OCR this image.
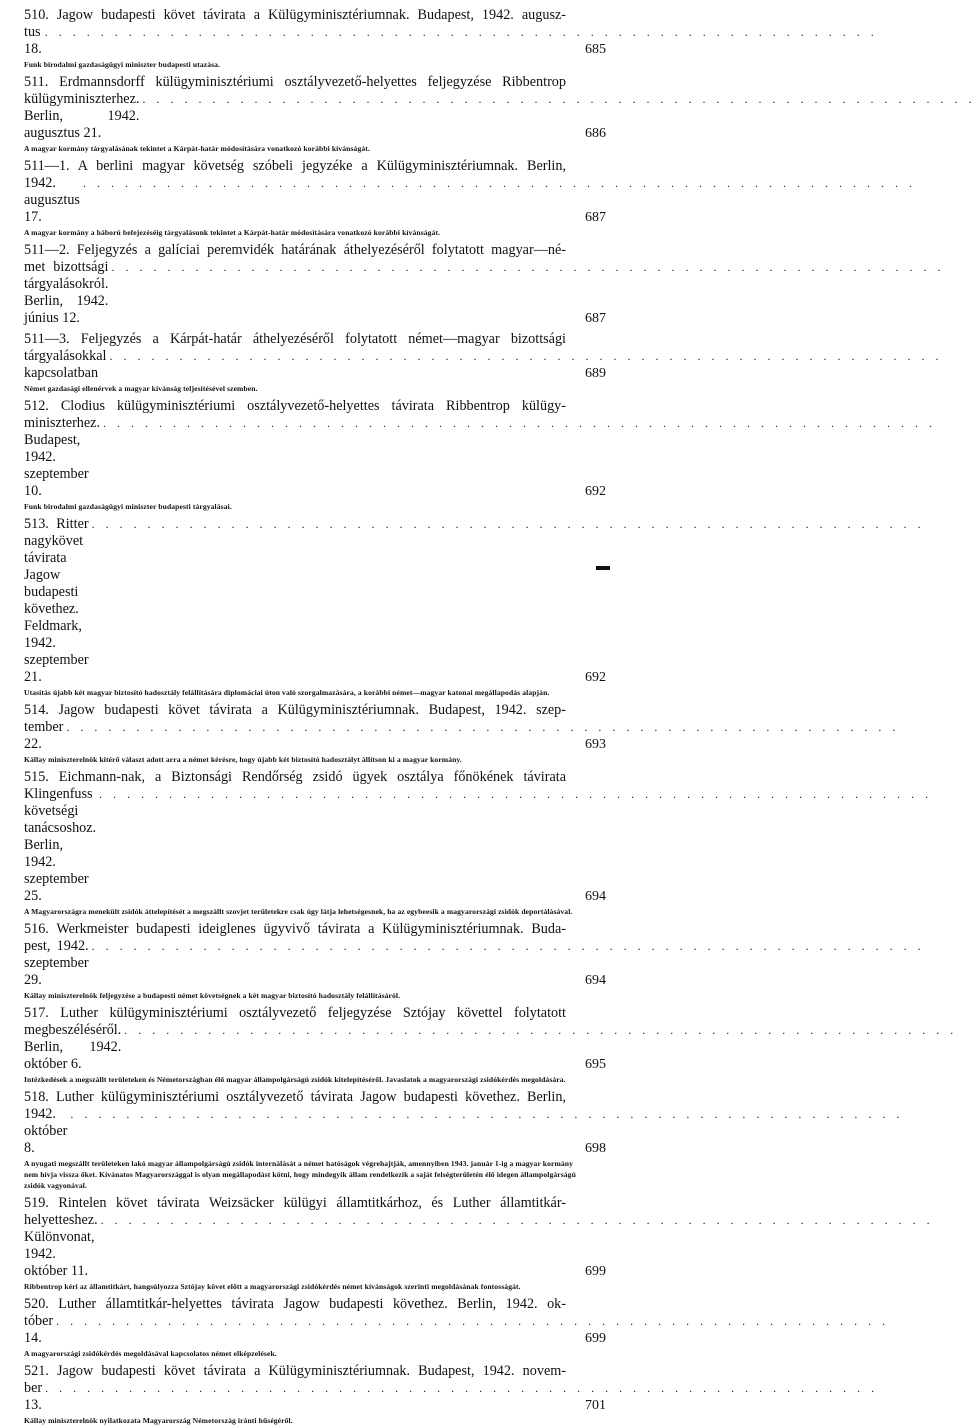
510. Jagow budapesti követ távirata a Külügyminisztériumnak. Budapest, 1942. augusz-
tus 18.
. . . . . . . . . . . . . . . . . . . . . . . . . . . . . . . . . . . . . . . . . . . . . . . . . . . . . . . . . . . .
685
Funk birodalmi gazdaságügyi miniszter budapesti utazása.
511. Erdmannsdorff külügyminisztériumi osztályvezető-helyettes feljegyzése Ribbentrop
külügyminiszterhez. Berlin, 1942. augusztus 21.
. . . . . . . . . . . . . . . . . . . . . . . . . . . . . . . . . . . . . . . . . . . . . . . . . . . . . . . . . . . .
686
A magyar kormány tárgyalásának tekintet a Kárpát-határ módosítására vonatkozó korábbi kívánságát.
511—1. A berlini magyar követség szóbeli jegyzéke a Külügyminisztériumnak. Berlin,
1942. augusztus 17.
. . . . . . . . . . . . . . . . . . . . . . . . . . . . . . . . . . . . . . . . . . . . . . . . . . . . . . . . . . . .
687
A magyar kormány a háború befejezéséig tárgyalásunk tekintet a Kárpát-határ módosítására vonatkozó korábbi kívánságát.
511—2. Feljegyzés a galíciai peremvidék határának áthelyezéséről folytatott magyar—né-
met bizottsági tárgyalásokról. Berlin, 1942. június 12.
. . . . . . . . . . . . . . . . . . . . . . . . . . . . . . . . . . . . . . . . . . . . . . . . . . . . . . . . . . . .
687
511—3. Feljegyzés a Kárpát-határ áthelyezéséről folytatott német—magyar bizottsági
tárgyalásokkal kapcsolatban
. . . . . . . . . . . . . . . . . . . . . . . . . . . . . . . . . . . . . . . . . . . . . . . . . . . . . . . . . . . .
689
Német gazdasági ellenérvek a magyar kívánság teljesítésével szemben.
512. Clodius külügyminisztériumi osztályvezető-helyettes távirata Ribbentrop külügy-
miniszterhez. Budapest, 1942. szeptember 10.
. . . . . . . . . . . . . . . . . . . . . . . . . . . . . . . . . . . . . . . . . . . . . . . . . . . . . . . . . . . .
692
Funk birodalmi gazdaságügyi miniszter budapesti tárgyalásai.
513. Ritter nagykövet távirata Jagow budapesti követhez. Feldmark, 1942. szeptember 21.
. . . . . . . . . . . . . . . . . . . . . . . . . . . . . . . . . . . . . . . . . . . . . . . . . . . . . . . . . . . .
692
Utasítás újabb két magyar biztosító hadosztály felállítására diplomáciai úton való szorgalmazására, a korábbi német—magyar katonai megállapodás alapján.
514. Jagow budapesti követ távirata a Külügyminisztériumnak. Budapest, 1942. szep-
tember 22.
. . . . . . . . . . . . . . . . . . . . . . . . . . . . . . . . . . . . . . . . . . . . . . . . . . . . . . . . . . . .
693
Kállay miniszterelnök kitérő választ adott arra a német kérésre, hogy újabb két biztosító hadosztályt állítson ki a magyar kormány.
515. Eichmann-nak, a Biztonsági Rendőrség zsidó ügyek osztálya főnökének távirata
Klingenfuss követségi tanácsoshoz. Berlin, 1942. szeptember 25.
. . . . . . . . . . . . . . . . . . . . . . . . . . . . . . . . . . . . . . . . . . . . . . . . . . . . . . . . . . . .
694
A Magyarországra menekült zsidók áttelepítését a megszállt szovjet területekre csak úgy látja lehetségesnek, ha az egybeesik a magyarországi zsidók deportálásával.
516. Werkmeister budapesti ideiglenes ügyvivő távirata a Külügyminisztériumnak. Buda-
pest, 1942. szeptember 29.
. . . . . . . . . . . . . . . . . . . . . . . . . . . . . . . . . . . . . . . . . . . . . . . . . . . . . . . . . . . .
694
Kállay miniszterelnök feljegyzése a budapesti német követségnek a két magyar biztosító hadosztály felállításáról.
517. Luther külügyminisztériumi osztályvezető feljegyzése Sztójay követtel folytatott
megbeszéléséről. Berlin, 1942. október 6.
. . . . . . . . . . . . . . . . . . . . . . . . . . . . . . . . . . . . . . . . . . . . . . . . . . . . . . . . . . . .
695
Intézkedések a megszállt területeken és Németországban élő magyar állampolgárságú zsidók kitelepítéséről. Javaslatok a magyarországi zsidókérdés megoldására.
518. Luther külügyminisztériumi osztályvezető távirata Jagow budapesti követhez. Berlin,
1942. október 8.
. . . . . . . . . . . . . . . . . . . . . . . . . . . . . . . . . . . . . . . . . . . . . . . . . . . . . . . . . . . .
698
A nyugati megszállt területeken lakó magyar állampolgárságú zsidók internálását a német hatóságok végrehajtják, amennyiben 1943. január 1-ig a magyar kormány nem hívja vissza őket. Kívánatos Magyarországgal is olyan megállapodást kötni, hogy mindegyik állam rendelkezik a saját felségterületén élő idegen állampolgárságú zsidók vagyonával.
519. Rintelen követ távirata Weizsäcker külügyi államtitkárhoz, és Luther államtitkár-
helyetteshez. Különvonat, 1942. október 11.
. . . . . . . . . . . . . . . . . . . . . . . . . . . . . . . . . . . . . . . . . . . . . . . . . . . . . . . . . . . .
699
Ribbentrop kéri az államtitkárt, hangsúlyozza Sztójay követ előtt a magyarországi zsidókérdés német kívánságok szerinti megoldásának fontosságát.
520. Luther államtitkár-helyettes távirata Jagow budapesti követhez. Berlin, 1942. ok-
tóber 14.
. . . . . . . . . . . . . . . . . . . . . . . . . . . . . . . . . . . . . . . . . . . . . . . . . . . . . . . . . . . .
699
A magyarországi zsidókérdés megoldásával kapcsolatos német elképzelések.
521. Jagow budapesti követ távirata a Külügyminisztériumnak. Budapest, 1942. novem-
ber 13.
. . . . . . . . . . . . . . . . . . . . . . . . . . . . . . . . . . . . . . . . . . . . . . . . . . . . . . . . . . . .
701
Kállay miniszterelnök nyilatkozata Magyarország Németország iránti hűségéről.
